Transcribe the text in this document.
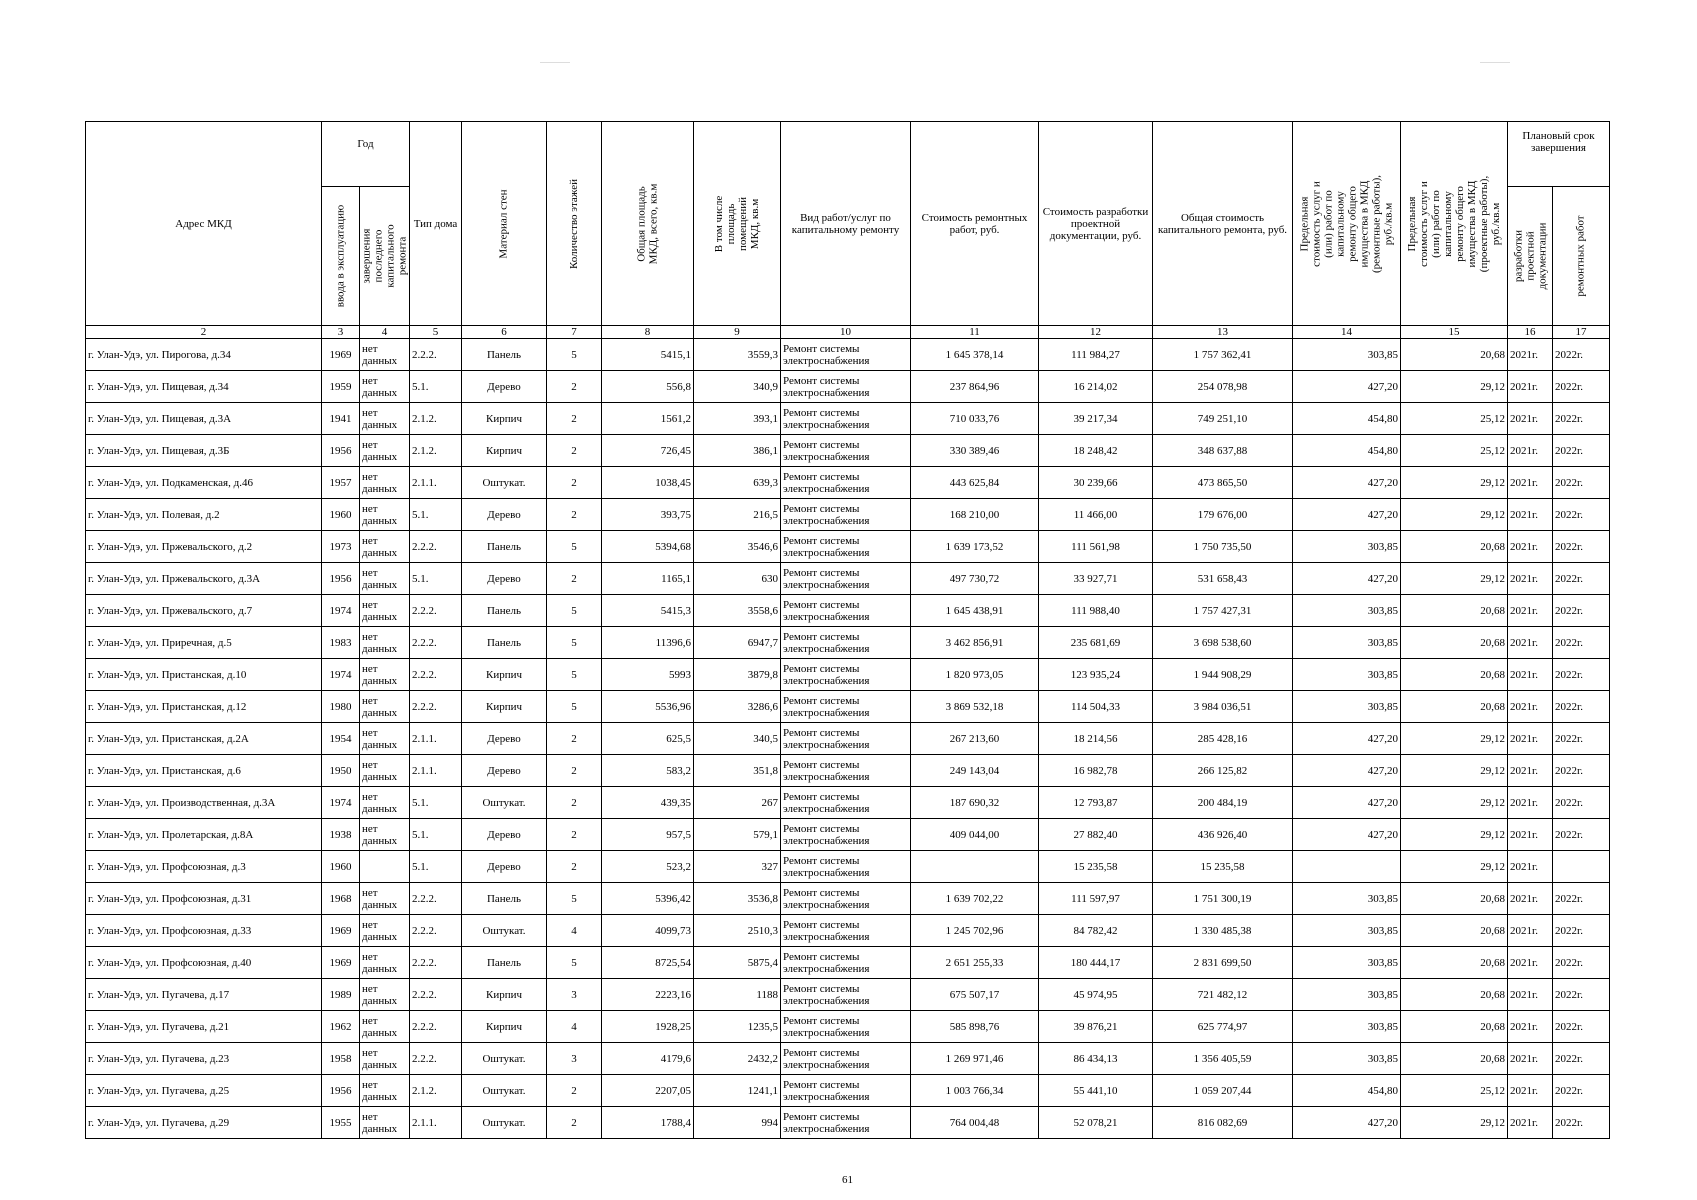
Адрес МКД	Год		Тип дома	Материал стен	Количество этажей	Общая площадь МКД, всего, кв.м	В том числе площадь помещений МКД, кв.м	Вид работ/услуг по капитальному ремонту	Стоимость ремонтных работ, руб.	Стоимость разработки проектной документации, руб.	Общая стоимость капитального ремонта, руб.	Предельная стоимость услуг и (или) работ по капитальному ремонту общего имущества в МКД (ремонтные работы), руб./кв.м	Предельная стоимость услуг и (или) работ по капитальному ремонту общего имущества в МКД (проектные работы), руб./кв.м	Плановый срок завершения	

	ввода в эксплуатацию	завершения последнего капитального ремонта												разработки проектной документации	ремонтных работ

2	3	4	5	6	7	8	9	10	11	12	13	14	15	16	17
г. Улан-Удэ, ул. Пирогова, д.34	1969	нет данных	2.2.2.	Панель	5	5415,1	3559,3	Ремонт системы электроснабжения	1 645 378,14	111 984,27	1 757 362,41	303,85	20,68	2021г.	2022г.
г. Улан-Удэ, ул. Пищевая, д.34	1959	нет данных	5.1.	Дерево	2	556,8	340,9	Ремонт системы электроснабжения	237 864,96	16 214,02	254 078,98	427,20	29,12	2021г.	2022г.
г. Улан-Удэ, ул. Пищевая, д.3А	1941	нет данных	2.1.2.	Кирпич	2	1561,2	393,1	Ремонт системы электроснабжения	710 033,76	39 217,34	749 251,10	454,80	25,12	2021г.	2022г.
г. Улан-Удэ, ул. Пищевая, д.3Б	1956	нет данных	2.1.2.	Кирпич	2	726,45	386,1	Ремонт системы электроснабжения	330 389,46	18 248,42	348 637,88	454,80	25,12	2021г.	2022г.
г. Улан-Удэ, ул. Подкаменская, д.46	1957	нет данных	2.1.1.	Оштукат.	2	1038,45	639,3	Ремонт системы электроснабжения	443 625,84	30 239,66	473 865,50	427,20	29,12	2021г.	2022г.
г. Улан-Удэ, ул. Полевая, д.2	1960	нет данных	5.1.	Дерево	2	393,75	216,5	Ремонт системы электроснабжения	168 210,00	11 466,00	179 676,00	427,20	29,12	2021г.	2022г.
г. Улан-Удэ, ул. Пржевальского, д.2	1973	нет данных	2.2.2.	Панель	5	5394,68	3546,6	Ремонт системы электроснабжения	1 639 173,52	111 561,98	1 750 735,50	303,85	20,68	2021г.	2022г.
г. Улан-Удэ, ул. Пржевальского, д.3А	1956	нет данных	5.1.	Дерево	2	1165,1	630	Ремонт системы электроснабжения	497 730,72	33 927,71	531 658,43	427,20	29,12	2021г.	2022г.
г. Улан-Удэ, ул. Пржевальского, д.7	1974	нет данных	2.2.2.	Панель	5	5415,3	3558,6	Ремонт системы электроснабжения	1 645 438,91	111 988,40	1 757 427,31	303,85	20,68	2021г.	2022г.
г. Улан-Удэ, ул. Приречная, д.5	1983	нет данных	2.2.2.	Панель	5	11396,6	6947,7	Ремонт системы электроснабжения	3 462 856,91	235 681,69	3 698 538,60	303,85	20,68	2021г.	2022г.
г. Улан-Удэ, ул. Пристанская, д.10	1974	нет данных	2.2.2.	Кирпич	5	5993	3879,8	Ремонт системы электроснабжения	1 820 973,05	123 935,24	1 944 908,29	303,85	20,68	2021г.	2022г.
г. Улан-Удэ, ул. Пристанская, д.12	1980	нет данных	2.2.2.	Кирпич	5	5536,96	3286,6	Ремонт системы электроснабжения	3 869 532,18	114 504,33	3 984 036,51	303,85	20,68	2021г.	2022г.
г. Улан-Удэ, ул. Пристанская, д.2А	1954	нет данных	2.1.1.	Дерево	2	625,5	340,5	Ремонт системы электроснабжения	267 213,60	18 214,56	285 428,16	427,20	29,12	2021г.	2022г.
г. Улан-Удэ, ул. Пристанская, д.6	1950	нет данных	2.1.1.	Дерево	2	583,2	351,8	Ремонт системы электроснабжения	249 143,04	16 982,78	266 125,82	427,20	29,12	2021г.	2022г.
г. Улан-Удэ, ул. Производственная, д.3А	1974	нет данных	5.1.	Оштукат.	2	439,35	267	Ремонт системы электроснабжения	187 690,32	12 793,87	200 484,19	427,20	29,12	2021г.	2022г.
г. Улан-Удэ, ул. Пролетарская, д.8А	1938	нет данных	5.1.	Дерево	2	957,5	579,1	Ремонт системы электроснабжения	409 044,00	27 882,40	436 926,40	427,20	29,12	2021г.	2022г.
г. Улан-Удэ, ул. Профсоюзная, д.3	1960		5.1.	Дерево	2	523,2	327	Ремонт системы электроснабжения		15 235,58	15 235,58		29,12	2021г.	
г. Улан-Удэ, ул. Профсоюзная, д.31	1968	нет данных	2.2.2.	Панель	5	5396,42	3536,8	Ремонт системы электроснабжения	1 639 702,22	111 597,97	1 751 300,19	303,85	20,68	2021г.	2022г.
г. Улан-Удэ, ул. Профсоюзная, д.33	1969	нет данных	2.2.2.	Оштукат.	4	4099,73	2510,3	Ремонт системы электроснабжения	1 245 702,96	84 782,42	1 330 485,38	303,85	20,68	2021г.	2022г.
г. Улан-Удэ, ул. Профсоюзная, д.40	1969	нет данных	2.2.2.	Панель	5	8725,54	5875,4	Ремонт системы электроснабжения	2 651 255,33	180 444,17	2 831 699,50	303,85	20,68	2021г.	2022г.
г. Улан-Удэ, ул. Пугачева, д.17	1989	нет данных	2.2.2.	Кирпич	3	2223,16	1188	Ремонт системы электроснабжения	675 507,17	45 974,95	721 482,12	303,85	20,68	2021г.	2022г.
г. Улан-Удэ, ул. Пугачева, д.21	1962	нет данных	2.2.2.	Кирпич	4	1928,25	1235,5	Ремонт системы электроснабжения	585 898,76	39 876,21	625 774,97	303,85	20,68	2021г.	2022г.
г. Улан-Удэ, ул. Пугачева, д.23	1958	нет данных	2.2.2.	Оштукат.	3	4179,6	2432,2	Ремонт системы электроснабжения	1 269 971,46	86 434,13	1 356 405,59	303,85	20,68	2021г.	2022г.
г. Улан-Удэ, ул. Пугачева, д.25	1956	нет данных	2.1.2.	Оштукат.	2	2207,05	1241,1	Ремонт системы электроснабжения	1 003 766,34	55 441,10	1 059 207,44	454,80	25,12	2021г.	2022г.
г. Улан-Удэ, ул. Пугачева, д.29	1955	нет данных	2.1.1.	Оштукат.	2	1788,4	994	Ремонт системы электроснабжения	764 004,48	52 078,21	816 082,69	427,20	29,12	2021г.	2022г.
61
